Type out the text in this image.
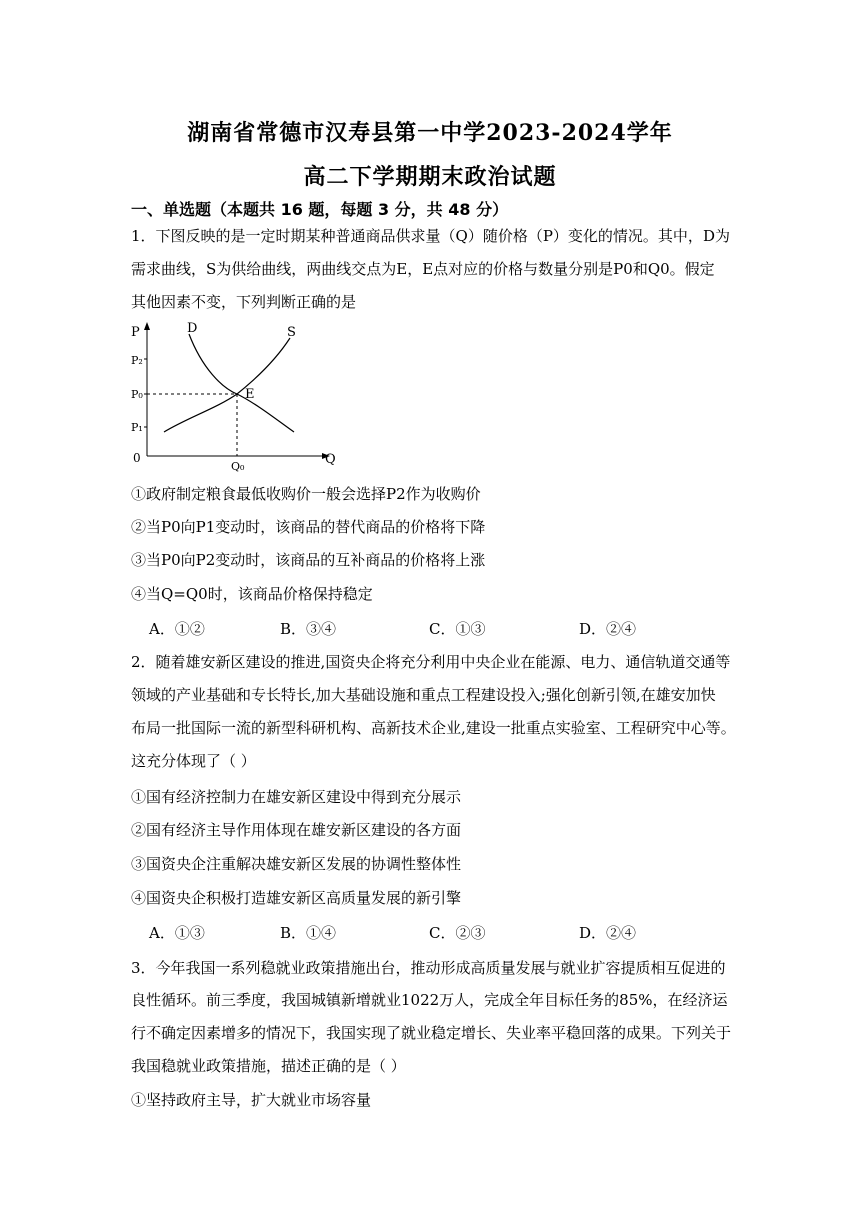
湖南省常德市汉寿县第一中学2023-2024学年
高二下学期期末政治试题
一、单选题（本题共 16 题，每题 3 分，共 48 分）
1．下图反映的是一定时期某种普通商品供求量（Q）随价格（P）变化的情况。其中，D为
需求曲线，S为供给曲线，两曲线交点为E，E点对应的价格与数量分别是P0和Q0。假定
其他因素不变，下列判断正确的是
P
P₂
P₀
P₁
0	Q
Q₀
D	S
E
①政府制定粮食最低收购价一般会选择P2作为收购价
②当P0向P1变动时，该商品的替代商品的价格将下降
③当P0向P2变动时，该商品的互补商品的价格将上涨
④当Q=Q0时，该商品价格保持稳定
A．①②	B．③④	C．①③	D．②④
2．随着雄安新区建设的推进,国资央企将充分利用中央企业在能源、电力、通信轨道交通等
领域的产业基础和专长特长,加大基础设施和重点工程建设投入;强化创新引领,在雄安加快
布局一批国际一流的新型科研机构、高新技术企业,建设一批重点实验室、工程研究中心等。
这充分体现了（ ）
①国有经济控制力在雄安新区建设中得到充分展示
②国有经济主导作用体现在雄安新区建设的各方面
③国资央企注重解决雄安新区发展的协调性整体性
④国资央企积极打造雄安新区高质量发展的新引擎
A．①③	B．①④	C．②③	D．②④
3．今年我国一系列稳就业政策措施出台，推动形成高质量发展与就业扩容提质相互促进的
良性循环。前三季度，我国城镇新增就业1022万人，完成全年目标任务的85%，在经济运
行不确定因素增多的情况下，我国实现了就业稳定增长、失业率平稳回落的成果。下列关于
我国稳就业政策措施，描述正确的是（ ）
①坚持政府主导，扩大就业市场容量
